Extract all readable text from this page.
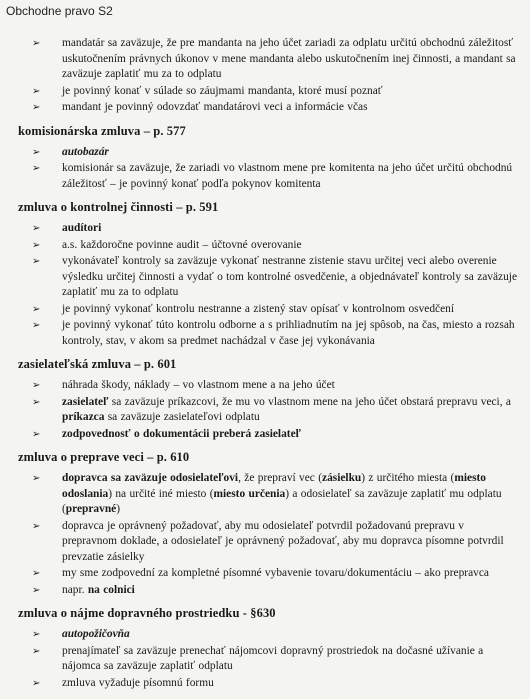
Obchodne pravo S2
➢ mandatár sa zaväzuje, že pre mandanta na jeho účet zariadi za odplatu určitú obchodnú záležitosť uskutočnením právnych úkonov v mene mandanta alebo uskutočnením inej činnosti, a mandant sa zaväzuje zaplatiť mu za to odplatu
➢ je povinný konať v súlade so záujmami mandanta, ktoré musí poznať
➢ mandant je povinný odovzdať mandatárovi veci a informácie včas
komisionárska zmluva – p. 577
➢ autobazár
➢ komisionár sa zaväzuje, že zariadi vo vlastnom mene pre komitenta na jeho účet určitú obchodnú záležitosť – je povinný konať podľa pokynov komitenta
zmluva o kontrolnej činnosti – p. 591
➢ audítori
➢ a.s. každoročne povinne audit – účtovné overovanie
➢ vykonávateľ kontroly sa zaväzuje vykonať nestranne zistenie stavu určitej veci alebo overenie výsledku určitej činnosti a vydať o tom kontrolné osvedčenie, a objednávateľ kontroly sa zaväzuje zaplatiť mu za to odplatu
➢ je povinný vykonať kontrolu nestranne a zistený stav opísať v kontrolnom osvedčení
➢ je povinný vykonať túto kontrolu odborne a s prihliadnutím na jej spôsob, na čas, miesto a rozsah kontroly, stav, v akom sa predmet nachádzal v čase jej vykonávania
zasielateľská zmluva – p. 601
➢ náhrada škody, náklady – vo vlastnom mene a na jeho účet
➢ zasielateľ sa zaväzuje príkazcovi, že mu vo vlastnom mene na jeho účet obstará prepravu veci, a príkazca sa zaväzuje zasielateľovi odplatu
➢ zodpovednosť o dokumentácii preberá zasielateľ
zmluva o preprave veci – p. 610
➢ dopravca sa zaväzuje odosielateľovi, že prepraví vec (zásielku) z určitého miesta (miesto odoslania) na určité iné miesto (miesto určenia) a odosielateľ sa zaväzuje zaplatiť mu odplatu (prepravné)
➢ dopravca je oprávnený požadovať, aby mu odosielateľ potvrdil požadovanú prepravu v prepravnom doklade, a odosielateľ je oprávnený požadovať, aby mu dopravca písomne potvrdil prevzatie zásielky
➢ my sme zodpovední za kompletné písomné vybavenie tovaru/dokumentáciu – ako prepravca
➢ napr. na colnici
zmluva o nájme dopravného prostriedku - §630
➢ autopožičovňa
➢ prenajímateľ sa zaväzuje prenechať nájomcovi dopravný prostriedok na dočasné užívanie a nájomca sa zaväzuje zaplatiť odplatu
➢ zmluva vyžaduje písomnú formu
